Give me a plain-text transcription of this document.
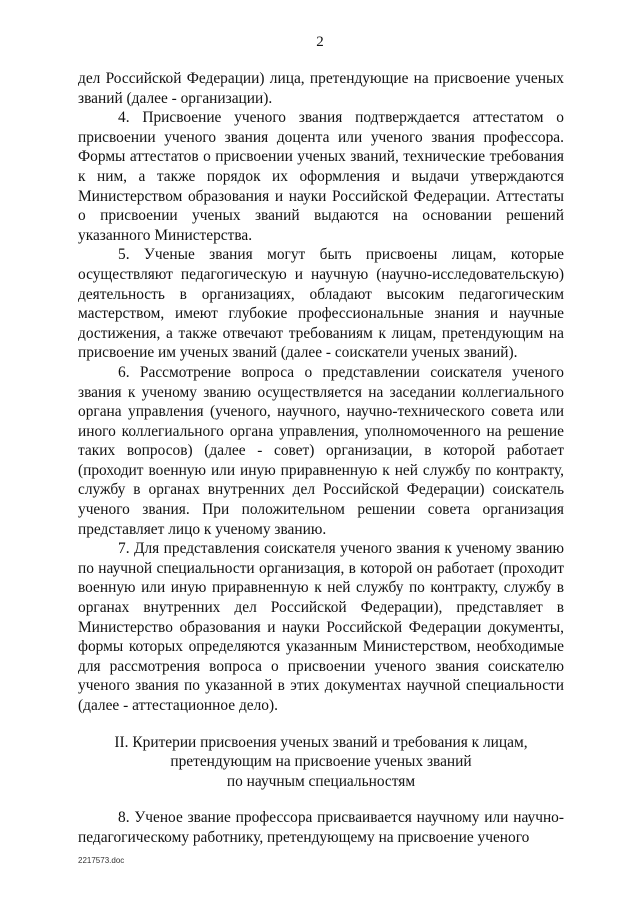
2

дел Российской Федерации) лица, претендующие на присвоение ученых званий (далее - организации).

4. Присвоение ученого звания подтверждается аттестатом о присвоении ученого звания доцента или ученого звания профессора. Формы аттестатов о присвоении ученых званий, технические требования к ним, а также порядок их оформления и выдачи утверждаются Министерством образования и науки Российской Федерации. Аттестаты о присвоении ученых званий выдаются на основании решений указанного Министерства.

5. Ученые звания могут быть присвоены лицам, которые осуществляют педагогическую и научную (научно-исследовательскую) деятельность в организациях, обладают высоким педагогическим мастерством, имеют глубокие профессиональные знания и научные достижения, а также отвечают требованиям к лицам, претендующим на присвоение им ученых званий (далее - соискатели ученых званий).

6. Рассмотрение вопроса о представлении соискателя ученого звания к ученому званию осуществляется на заседании коллегиального органа управления (ученого, научного, научно-технического совета или иного коллегиального органа управления, уполномоченного на решение таких вопросов) (далее - совет) организации, в которой работает (проходит военную или иную приравненную к ней службу по контракту, службу в органах внутренних дел Российской Федерации) соискатель ученого звания. При положительном решении совета организация представляет лицо к ученому званию.

7. Для представления соискателя ученого звания к ученому званию по научной специальности организация, в которой он работает (проходит военную или иную приравненную к ней службу по контракту, службу в органах внутренних дел Российской Федерации), представляет в Министерство образования и науки Российской Федерации документы, формы которых определяются указанным Министерством, необходимые для рассмотрения вопроса о присвоении ученого звания соискателю ученого звания по указанной в этих документах научной специальности (далее - аттестационное дело).

II. Критерии присвоения ученых званий и требования к лицам,
претендующим на присвоение ученых званий
по научным специальностям

8. Ученое звание профессора присваивается научному или научно-педагогическому работнику, претендующему на присвоение ученого

2217573.doc
